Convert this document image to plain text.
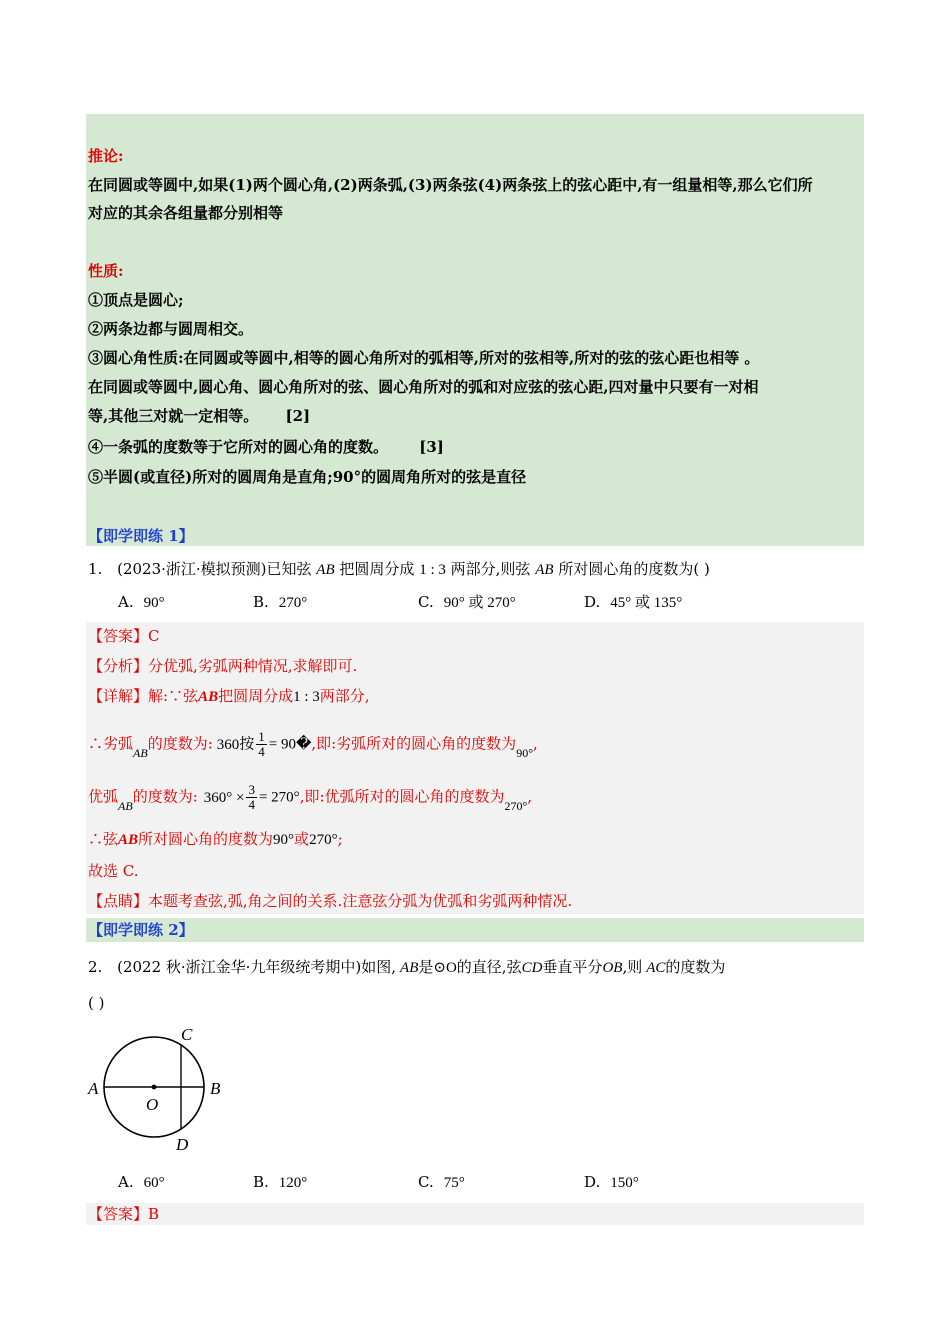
推论:
在同圆或等圆中,如果(1)两个圆心角,(2)两条弧,(3)两条弦(4)两条弦上的弦心距中,有一组量相等,那么它们所
对应的其余各组量都分别相等
性质:
①顶点是圆心;
②两条边都与圆周相交。
③圆心角性质:在同圆或等圆中,相等的圆心角所对的弧相等,所对的弦相等,所对的弦的弦心距也相等 。
在同圆或等圆中,圆心角、圆心角所对的弦、圆心角所对的弧和对应弦的弦心距,四对量中只要有一对相
等,其他三对就一定相等。 [2]
④一条弧的度数等于它所对的圆心角的度数。 [3]
⑤半圆(或直径)所对的圆周角是直角;90°的圆周角所对的弦是直径
【即学即练 1】
1. (2023·浙江·模拟预测)已知弦 AB 把圆周分成 1 : 3 两部分,则弦 AB 所对圆心角的度数为( )
A. 90°	B. 270°	C. 90° 或 270°	D. 45° 或 135°
【答案】C
【分析】分优弧,劣弧两种情况,求解即可.
【详解】解:∵弦AB把圆周分成1 : 3两部分,
∴劣弧$_{AB}$的度数为: 360按 $\frac{1}{4}$ = 90�,即:劣弧所对的圆心角的度数为$_{90^\circ}$,
优弧$_{AB}$的度数为: $360^\circ \times \frac{3}{4} = 270^\circ$,即:优弧所对的圆心角的度数为$_{270^\circ}$,
∴弦AB所对圆心角的度数为90°或270°;
故选 C.
【点睛】本题考查弦,弧,角之间的关系.注意弦分弧为优弧和劣弧两种情况.
【即学即练 2】
2. (2022 秋·浙江金华·九年级统考期中)如图, AB是⊙O的直径,弦CD垂直平分OB,则 AC的度数为
( )
A	B
C
D
O
A. 60°	B. 120°	C. 75°	D. 150°
【答案】B
